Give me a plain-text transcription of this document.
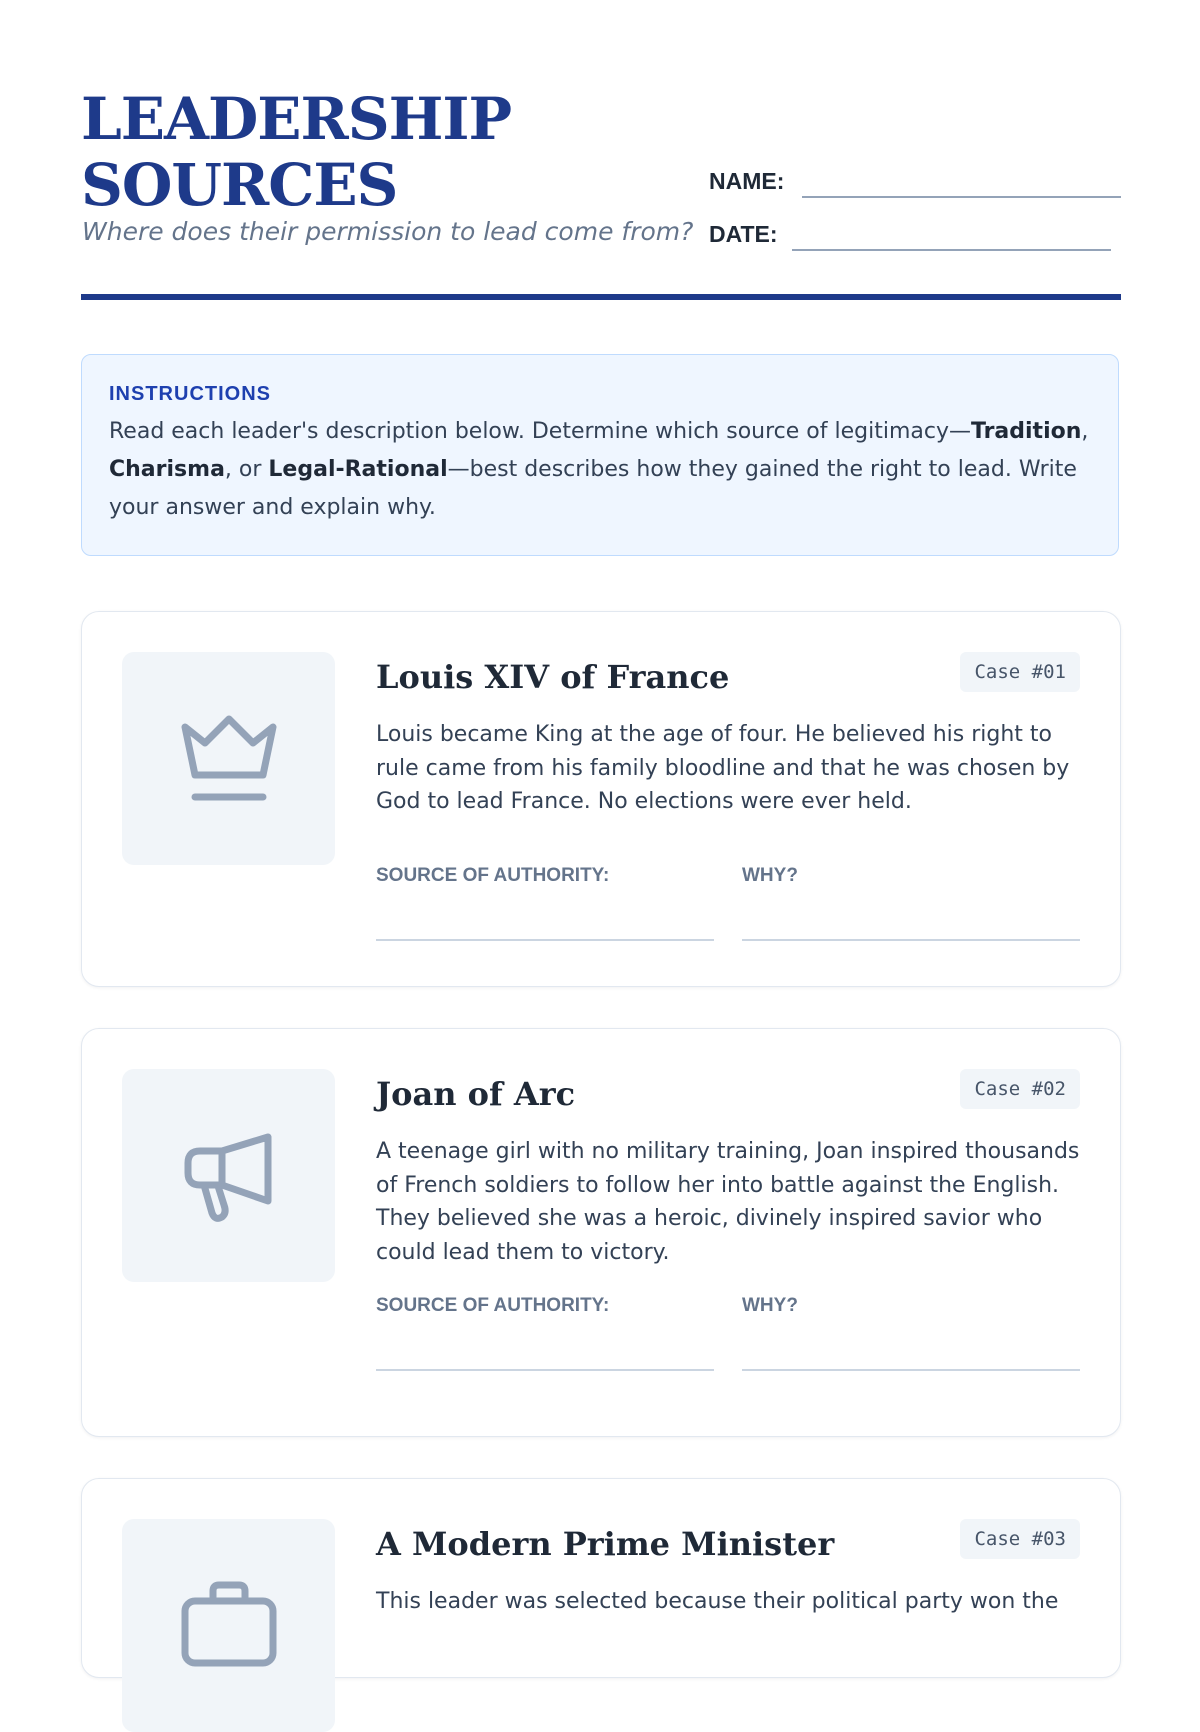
LEADERSHIP SOURCES
Where does their permission to lead come from?
NAME:
DATE:
INSTRUCTIONS

Read each leader's description below. Determine which source of legitimacy—Tradition, Charisma, or Legal-Rational—best describes how they gained the right to lead. Write your answer and explain why.

Louis XIV of France	Case #01

Louis became King at the age of four. He believed his right to rule came from his family bloodline and that he was chosen by God to lead France. No elections were ever held.

SOURCE OF AUTHORITY:	WHY?
Joan of Arc	Case #02

A teenage girl with no military training, Joan inspired thousands of French soldiers to follow her into battle against the English. They believed she was a heroic, divinely inspired savior who could lead them to victory.

SOURCE OF AUTHORITY:	WHY?
A Modern Prime Minister	Case #03

This leader was selected because their political party won the
